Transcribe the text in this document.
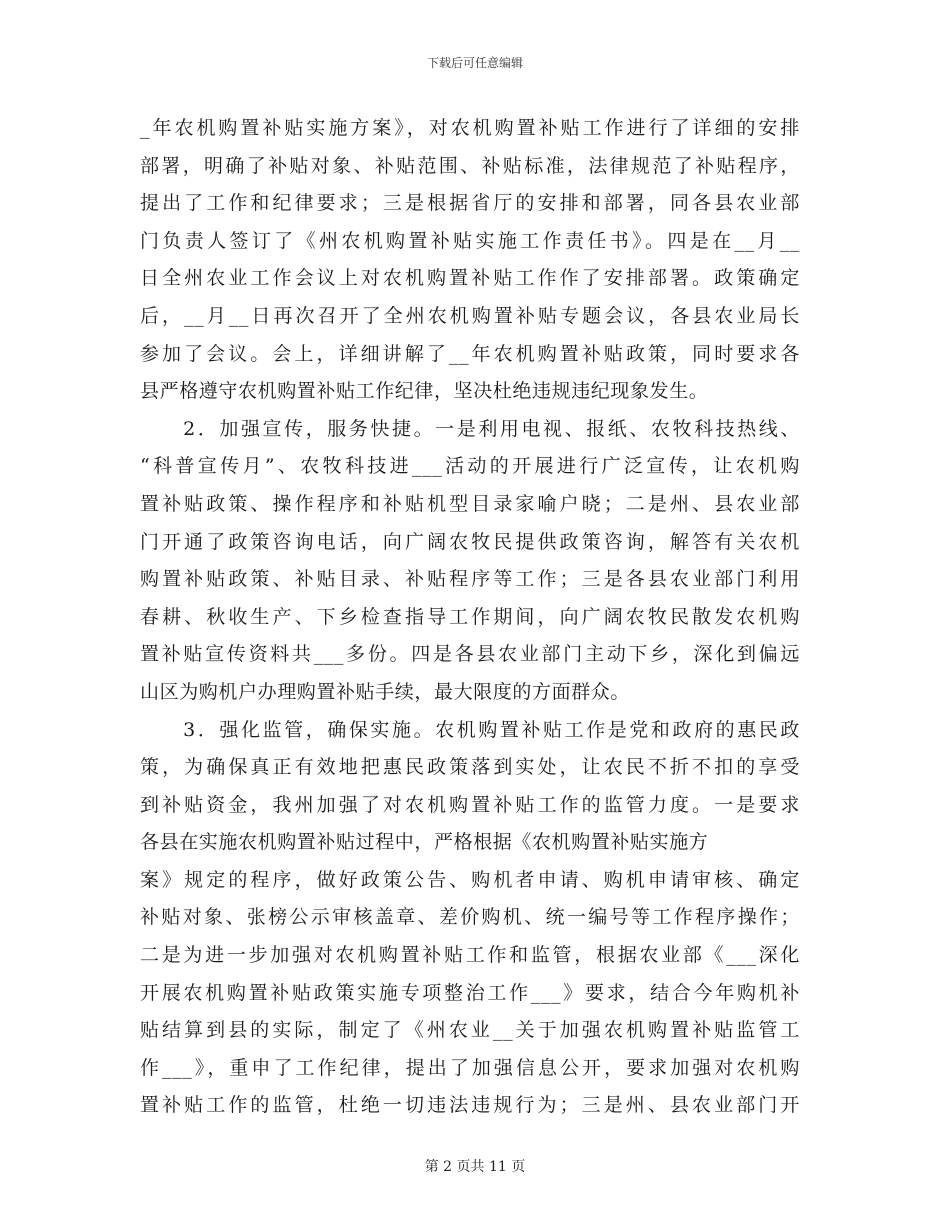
下载后可任意编辑
_年农机购置补贴实施方案》，对农机购置补贴工作进行了详细的安排
部署，明确了补贴对象、补贴范围、补贴标准，法律规范了补贴程序，
提出了工作和纪律要求；三是根据省厅的安排和部署，同各县农业部
门负责人签订了《州农机购置补贴实施工作责任书》。四是在__月__
日全州农业工作会议上对农机购置补贴工作作了安排部署。政策确定
后，__月__日再次召开了全州农机购置补贴专题会议，各县农业局长
参加了会议。会上，详细讲解了__年农机购置补贴政策，同时要求各
县严格遵守农机购置补贴工作纪律，坚决杜绝违规违纪现象发生。
　　2．加强宣传，服务快捷。一是利用电视、报纸、农牧科技热线、
“科普宣传月”、农牧科技进___活动的开展进行广泛宣传，让农机购
置补贴政策、操作程序和补贴机型目录家喻户晓；二是州、县农业部
门开通了政策咨询电话，向广阔农牧民提供政策咨询，解答有关农机
购置补贴政策、补贴目录、补贴程序等工作；三是各县农业部门利用
春耕、秋收生产、下乡检查指导工作期间，向广阔农牧民散发农机购
置补贴宣传资料共___多份。四是各县农业部门主动下乡，深化到偏远
山区为购机户办理购置补贴手续，最大限度的方面群众。
　　3．强化监管，确保实施。农机购置补贴工作是党和政府的惠民政
策，为确保真正有效地把惠民政策落到实处，让农民不折不扣的享受
到补贴资金，我州加强了对农机购置补贴工作的监管力度。一是要求
各县在实施农机购置补贴过程中，严格根据《农机购置补贴实施方
案》规定的程序，做好政策公告、购机者申请、购机申请审核、确定
补贴对象、张榜公示审核盖章、差价购机、统一编号等工作程序操作；
二是为进一步加强对农机购置补贴工作和监管，根据农业部《___深化
开展农机购置补贴政策实施专项整治工作___》要求，结合今年购机补
贴结算到县的实际，制定了《州农业__关于加强农机购置补贴监管工
作___》，重申了工作纪律，提出了加强信息公开，要求加强对农机购
置补贴工作的监管，杜绝一切违法违规行为；三是州、县农业部门开
第 2 页共 11 页
